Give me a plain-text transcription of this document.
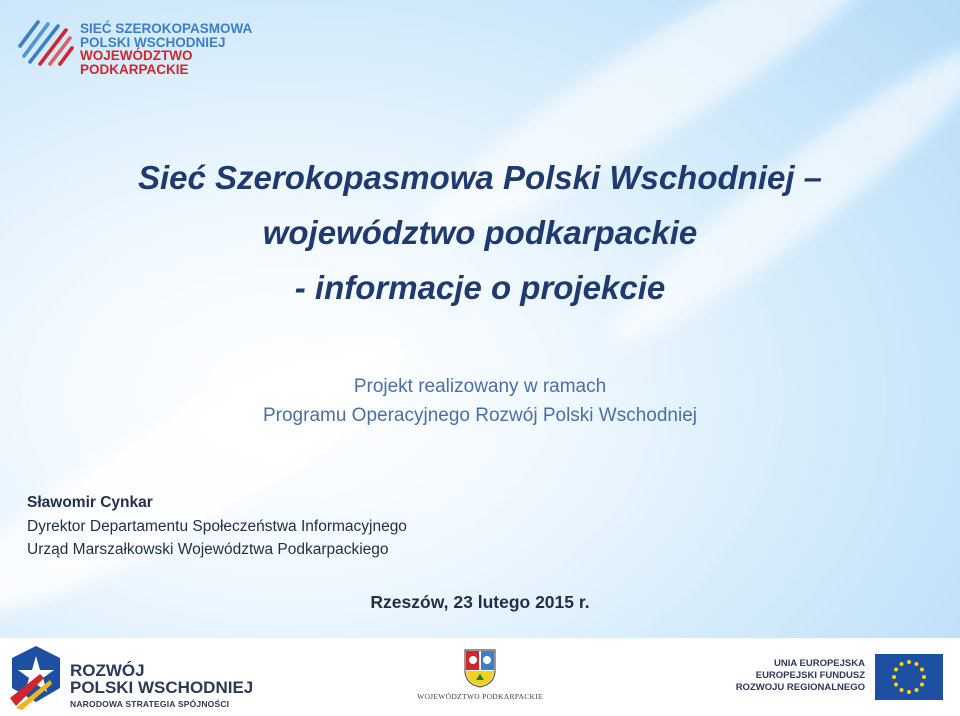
SIEĆ SZEROKOPASMOWA
POLSKI WSCHODNIEJ
WOJEWÓDZTWO PODKARPACKIE
Sieć Szerokopasmowa Polski Wschodniej –
województwo podkarpackie
- informacje o projekcie
Projekt realizowany w ramach
Programu Operacyjnego Rozwój Polski Wschodniej
Sławomir Cynkar
Dyrektor Departamentu Społeczeństwa Informacyjnego
Urząd Marszałkowski Województwa Podkarpackiego
Rzeszów, 23 lutego 2015 r.
ROZWÓJ
POLSKI WSCHODNIEJ
NARODOWA STRATEGIA SPÓJNOŚCI
WOJEWÓDZTWO PODKARPACKIE
UNIA EUROPEJSKA
EUROPEJSKI FUNDUSZ
ROZWOJU REGIONALNEGO
